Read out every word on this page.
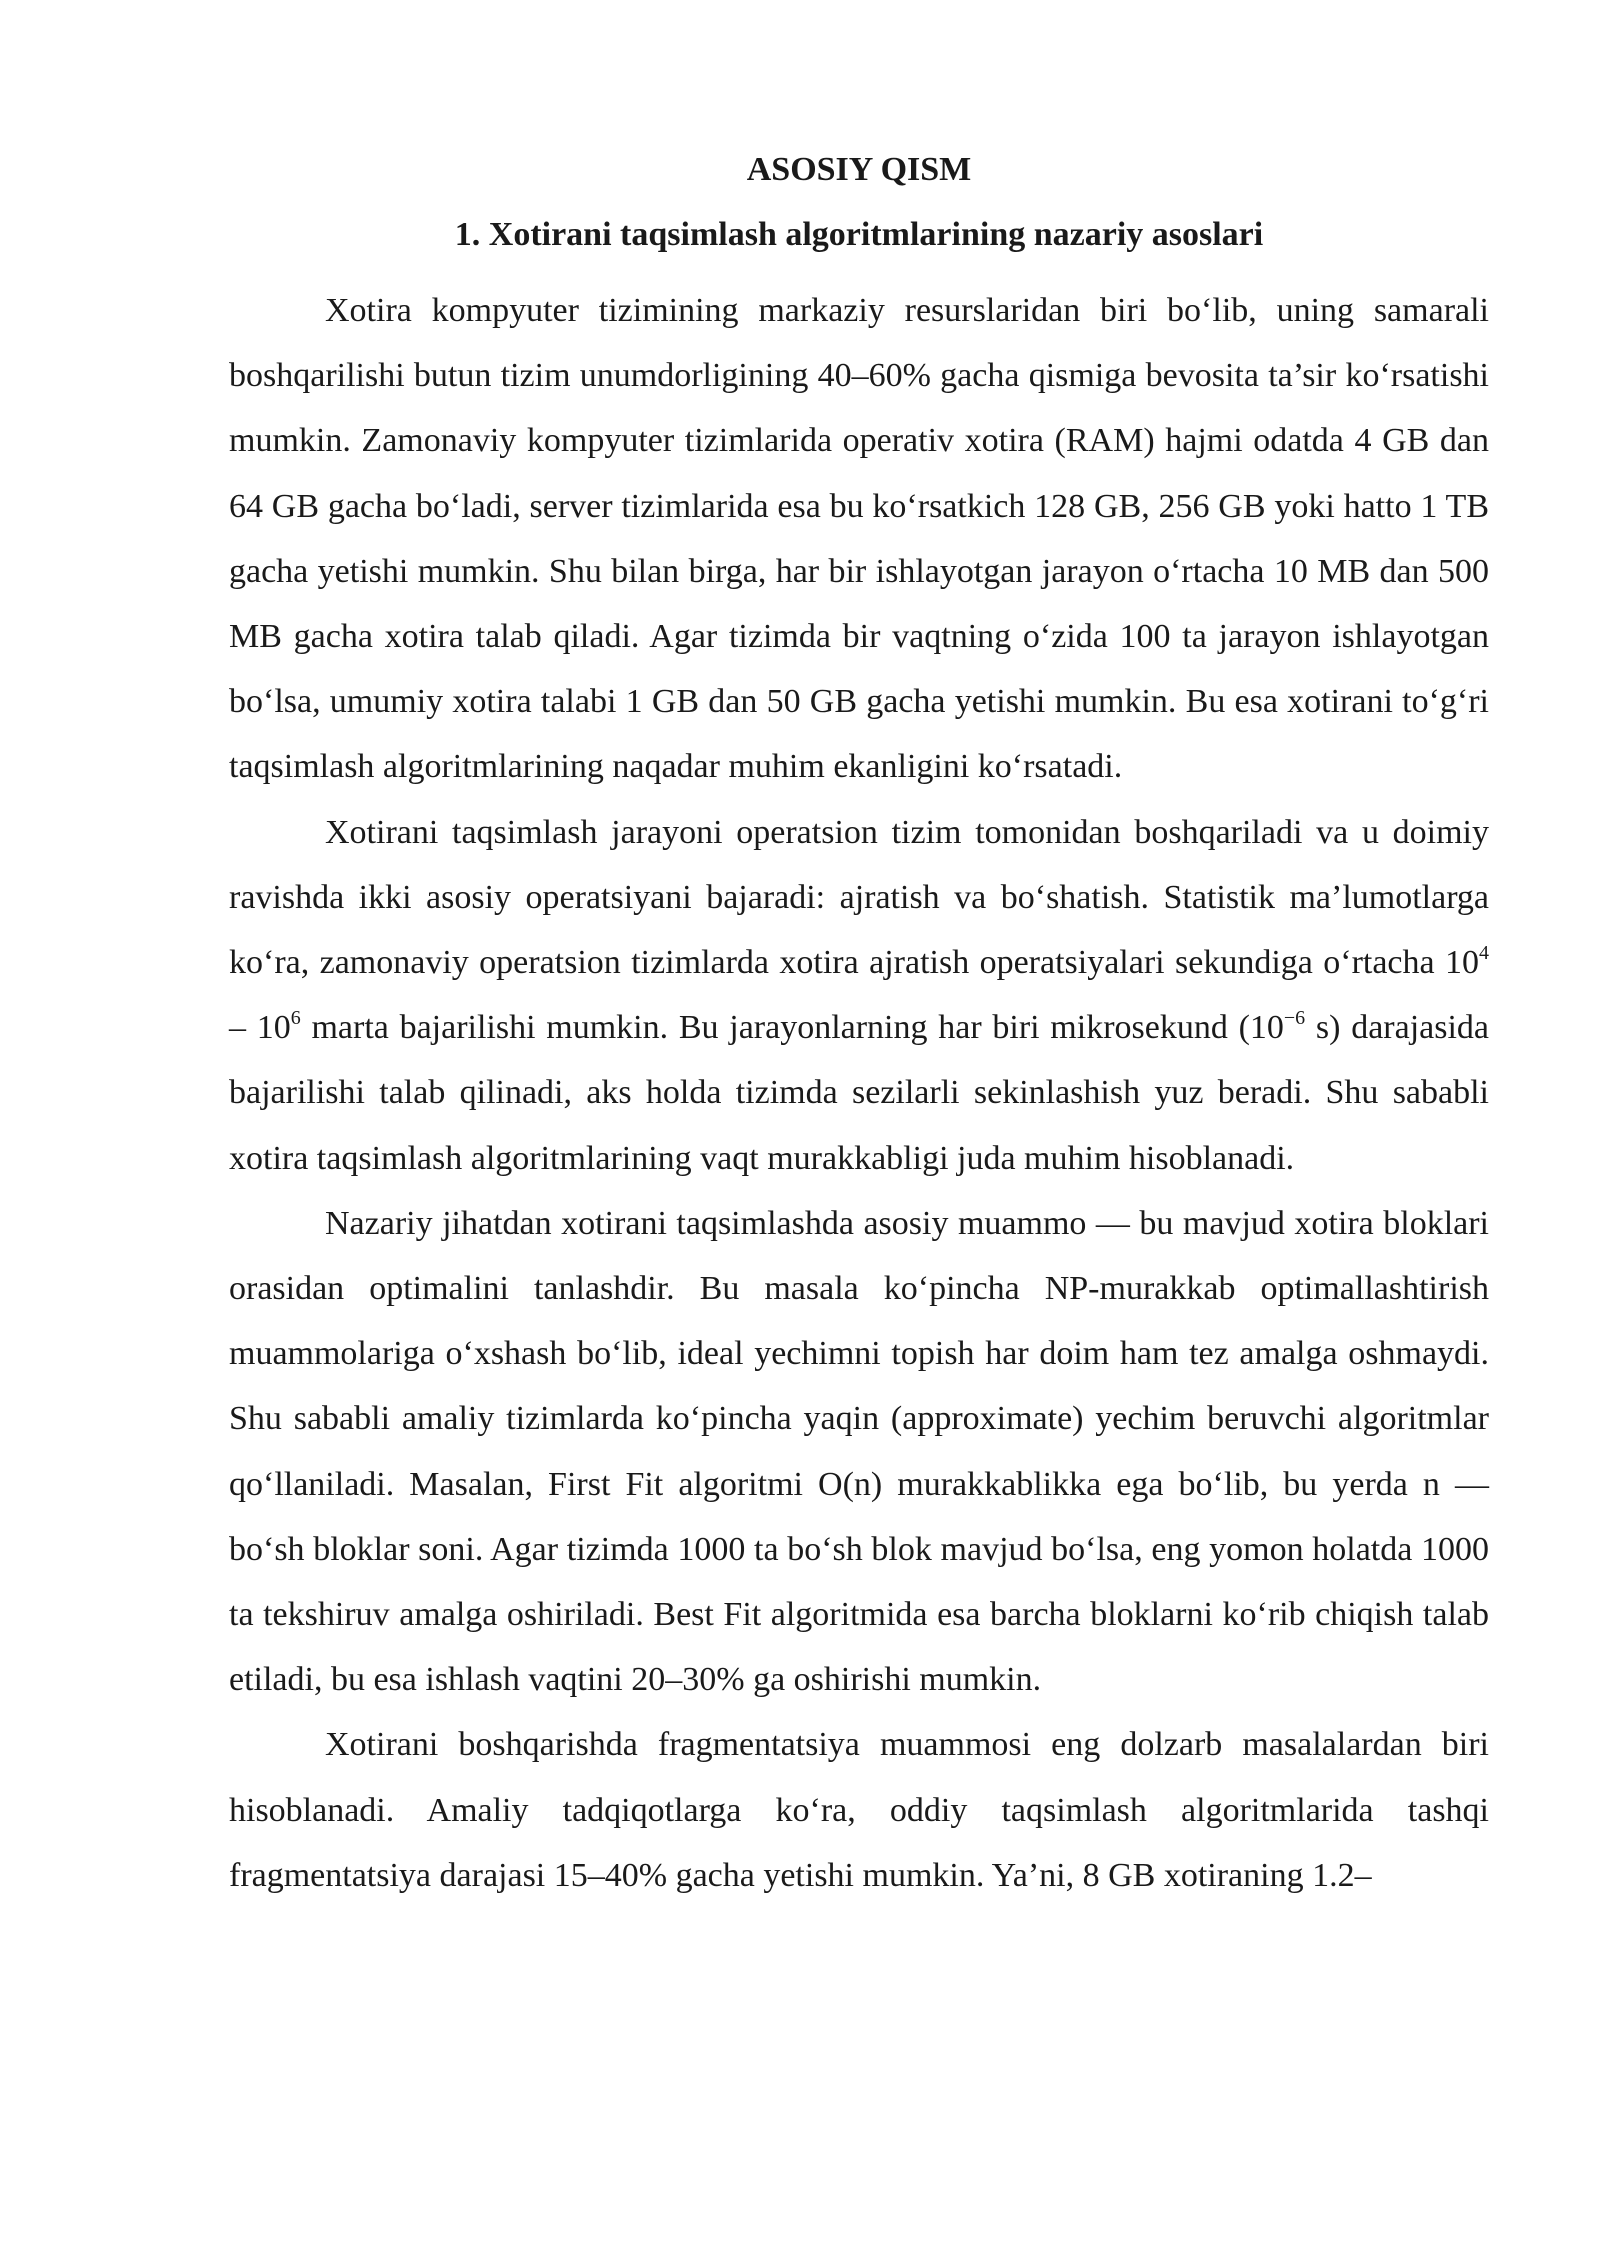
ASOSIY QISM
1. Xotirani taqsimlash algoritmlarining nazariy asoslari

Xotira kompyuter tizimining markaziy resurslaridan biri bo‘lib, uning samarali boshqarilishi butun tizim unumdorligining 40–60% gacha qismiga bevosita ta’sir ko‘rsatishi mumkin. Zamonaviy kompyuter tizimlarida operativ xotira (RAM) hajmi odatda 4 GB dan 64 GB gacha bo‘ladi, server tizimlarida esa bu ko‘rsatkich 128 GB, 256 GB yoki hatto 1 TB gacha yetishi mumkin. Shu bilan birga, har bir ishlayotgan jarayon o‘rtacha 10 MB dan 500 MB gacha xotira talab qiladi. Agar tizimda bir vaqtning o‘zida 100 ta jarayon ishlayotgan bo‘lsa, umumiy xotira talabi 1 GB dan 50 GB gacha yetishi mumkin. Bu esa xotirani to‘g‘ri taqsimlash algoritmlarining naqadar muhim ekanligini ko‘rsatadi.

Xotirani taqsimlash jarayoni operatsion tizim tomonidan boshqariladi va u doimiy ravishda ikki asosiy operatsiyani bajaradi: ajratish va bo‘shatish. Statistik ma’lumotlarga ko‘ra, zamonaviy operatsion tizimlarda xotira ajratish operatsiyalari sekundiga o‘rtacha $10^4 - 10^6$ marta bajarilishi mumkin. Bu jarayonlarning har biri mikrosekund ($10^{-6}$ s) darajasida bajarilishi talab qilinadi, aks holda tizimda sezilarli sekinlashish yuz beradi. Shu sababli xotira taqsimlash algoritmlarining vaqt murakkabligi juda muhim hisoblanadi.

Nazariy jihatdan xotirani taqsimlashda asosiy muammo — bu mavjud xotira bloklari orasidan optimalini tanlashdir. Bu masala ko‘pincha NP-murakkab optimallashtirish muammolariga o‘xshash bo‘lib, ideal yechimni topish har doim ham tez amalga oshmaydi. Shu sababli amaliy tizimlarda ko‘pincha yaqin (approximate) yechim beruvchi algoritmlar qo‘llaniladi. Masalan, First Fit algoritmi O(n) murakkablikka ega bo‘lib, bu yerda n — bo‘sh bloklar soni. Agar tizimda 1000 ta bo‘sh blok mavjud bo‘lsa, eng yomon holatda 1000 ta tekshiruv amalga oshiriladi. Best Fit algoritmida esa barcha bloklarni ko‘rib chiqish talab etiladi, bu esa ishlash vaqtini 20–30% ga oshirishi mumkin.

Xotirani boshqarishda fragmentatsiya muammosi eng dolzarb masalalardan biri hisoblanadi. Amaliy tadqiqotlarga ko‘ra, oddiy taqsimlash algoritmlarida tashqi fragmentatsiya darajasi 15–40% gacha yetishi mumkin. Ya’ni, 8 GB xotiraning 1.2–
